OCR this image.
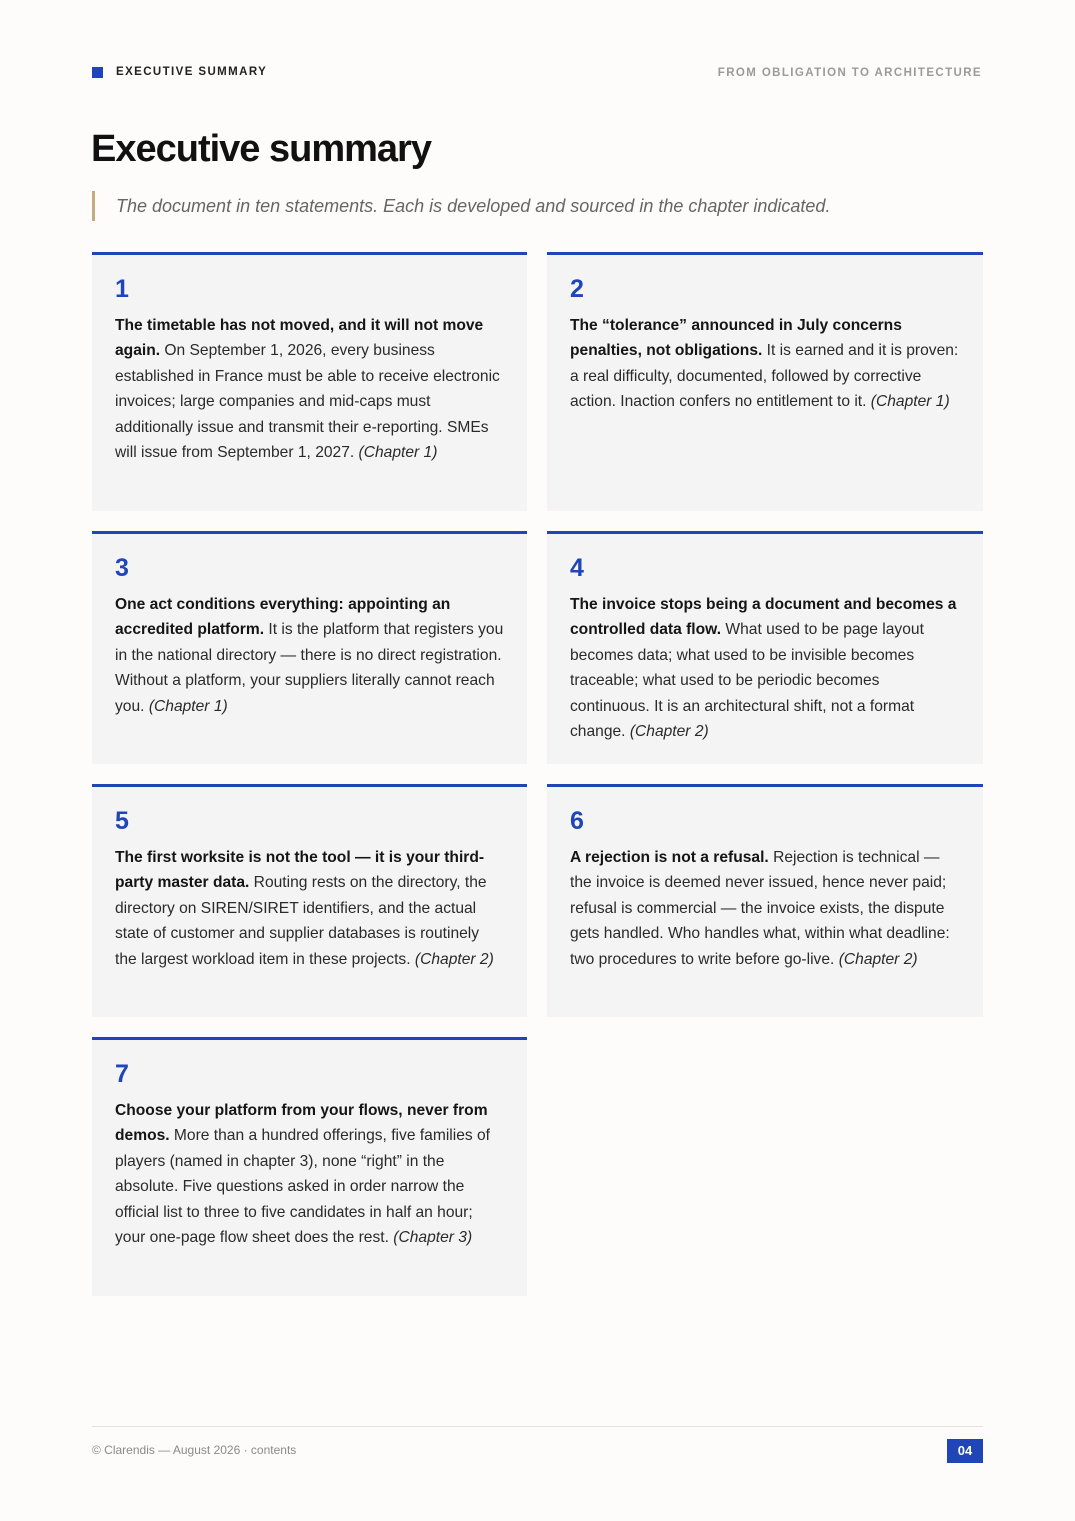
EXECUTIVE SUMMARY	FROM OBLIGATION TO ARCHITECTURE
Executive summary
The document in ten statements. Each is developed and sourced in the chapter indicated.
1

The timetable has not moved, and it will not move again. On September 1, 2026, every business established in France must be able to receive electronic invoices; large companies and mid-caps must additionally issue and transmit their e-reporting. SMEs will issue from September 1, 2027. (Chapter 1)

2

The “tolerance” announced in July concerns penalties, not obligations. It is earned and it is proven: a real difficulty, documented, followed by corrective action. Inaction confers no entitlement to it. (Chapter 1)

3

One act conditions everything: appointing an accredited platform. It is the platform that registers you in the national directory — there is no direct registration. Without a platform, your suppliers literally cannot reach you. (Chapter 1)

4

The invoice stops being a document and becomes a controlled data flow. What used to be page layout becomes data; what used to be invisible becomes traceable; what used to be periodic becomes continuous. It is an architectural shift, not a format change. (Chapter 2)

5

The first worksite is not the tool — it is your third-party master data. Routing rests on the directory, the directory on SIREN/SIRET identifiers, and the actual state of customer and supplier databases is routinely the largest workload item in these projects. (Chapter 2)

6

A rejection is not a refusal. Rejection is technical — the invoice is deemed never issued, hence never paid; refusal is commercial — the invoice exists, the dispute gets handled. Who handles what, within what deadline: two procedures to write before go-live. (Chapter 2)

7

Choose your platform from your flows, never from demos. More than a hundred offerings, five families of players (named in chapter 3), none “right” in the absolute. Five questions asked in order narrow the official list to three to five candidates in half an hour; your one-page flow sheet does the rest. (Chapter 3)

© Clarendis — August 2026 · contents	04
